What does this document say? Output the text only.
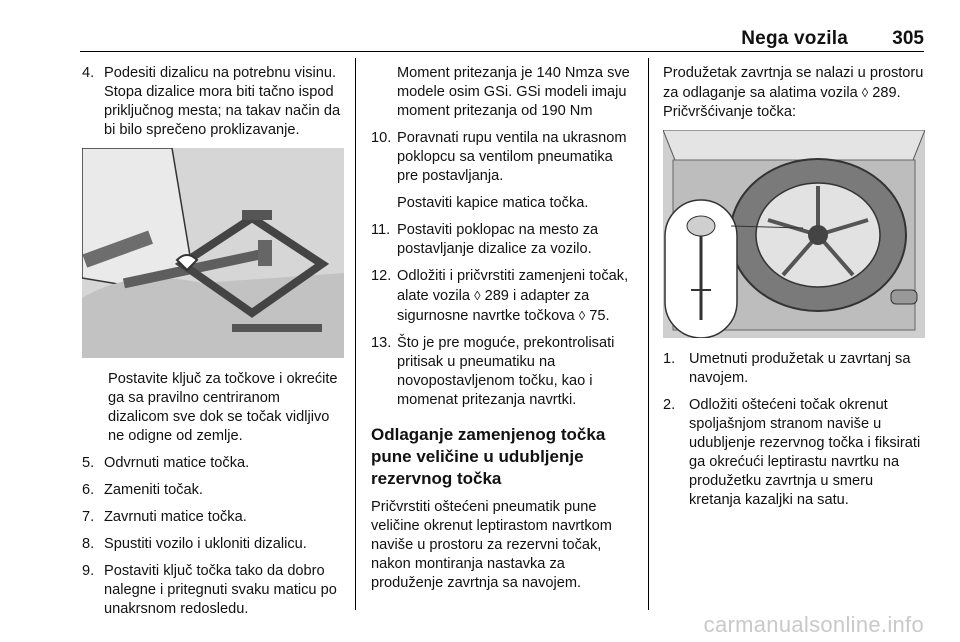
Nega vozila 305
4. Podesiti dizalicu na potrebnu visinu. Stopa dizalice mora biti tačno ispod priključnog mesta; na takav način da bi bilo sprečeno proklizavanje.
Postavite ključ za točkove i okrećite ga sa pravilno centriranom dizalicom sve dok se točak vidljivo ne odigne od zemlje.
5. Odvrnuti matice točka.
6. Zameniti točak.
7. Zavrnuti matice točka.
8. Spustiti vozilo i ukloniti dizalicu.
9. Postaviti ključ točka tako da dobro nalegne i pritegnuti svaku maticu po unakrsnom redosledu.
Moment pritezanja je 140 Nmza sve modele osim GSi. GSi modeli imaju moment pritezanja od 190 Nm
10. Poravnati rupu ventila na ukrasnom poklopcu sa ventilom pneumatika pre postavljanja.
Postaviti kapice matica točka.
11. Postaviti poklopac na mesto za postavljanje dizalice za vozilo.
12. Odložiti i pričvrstiti zamenjeni točak, alate vozila ◊ 289 i adapter za sigurnosne navrtke točkova ◊ 75.
13. Što je pre moguće, prekontrolisati pritisak u pneumatiku na novopostavljenom točku, kao i momenat pritezanja navrtki.
Odlaganje zamenjenog točka pune veličine u udubljenje rezervnog točka
Pričvrstiti oštećeni pneumatik pune veličine okrenut leptirastom navrtkom naviše u prostoru za rezervni točak, nakon montiranja nastavka za produženje zavrtnja sa navojem.
Produžetak zavrtnja se nalazi u prostoru za odlaganje sa alatima vozila ◊ 289. Pričvršćivanje točka:
1. Umetnuti produžetak u zavrtanj sa navojem.
2. Odložiti oštećeni točak okrenut spoljašnjom stranom naviše u udubljenje rezervnog točka i fiksirati ga okrećući leptirastu navrtku na produžetku zavrtnja u smeru kretanja kazaljki na satu.
carmanualsonline.info
